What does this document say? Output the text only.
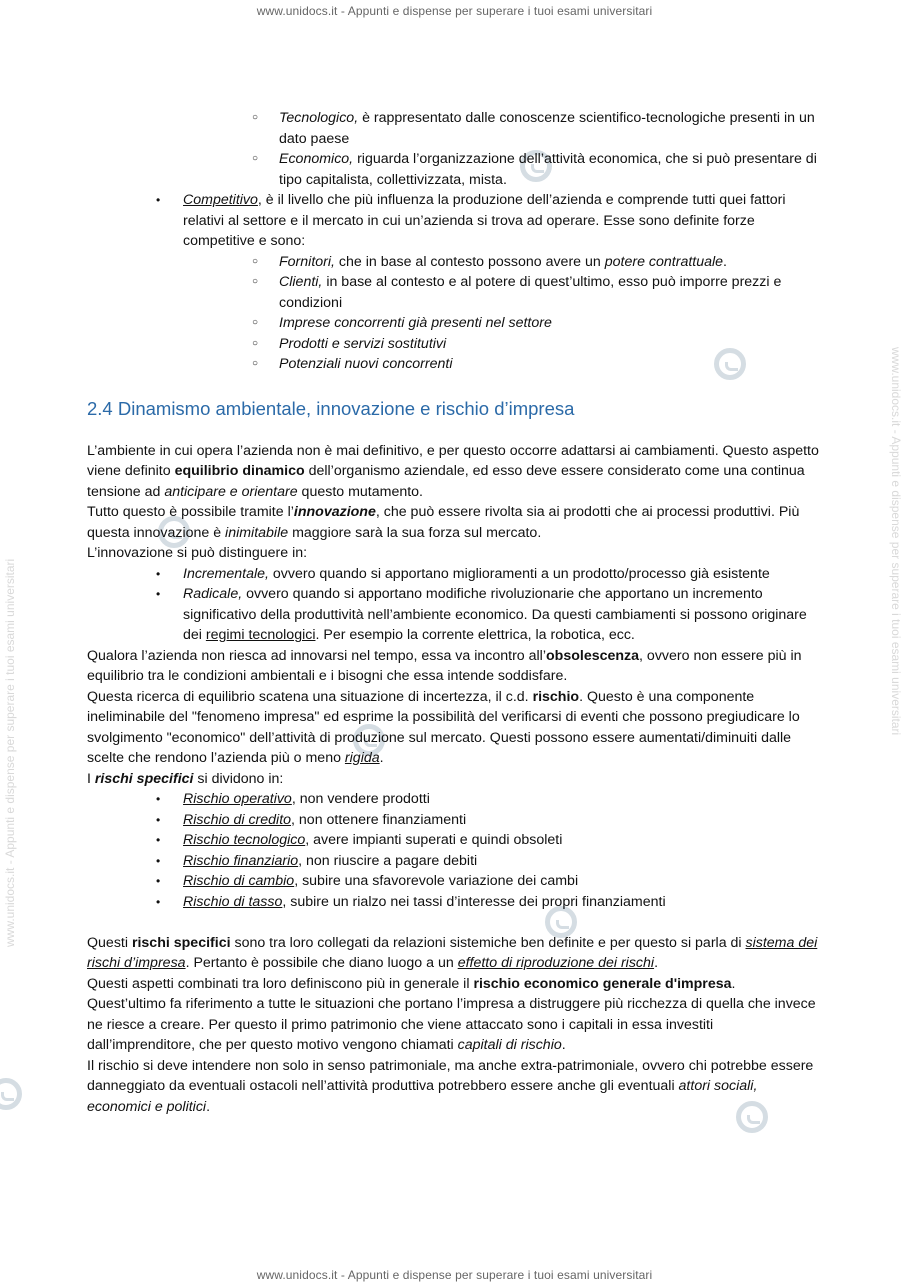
www.unidocs.it - Appunti e dispense per superare i tuoi esami universitari
www.unidocs.it - Appunti e dispense per superare i tuoi esami universitari
www.unidocs.it - Appunti e dispense per superare i tuoi esami universitari
○ Tecnologico, è rappresentato dalle conoscenze scientifico-tecnologiche presenti in un dato paese
○ Economico, riguarda l’organizzazione dell’attività economica, che si può presentare di tipo capitalista, collettivizzata, mista.
• Competitivo, è il livello che più influenza la produzione dell’azienda e comprende tutti quei fattori relativi al settore e il mercato in cui un’azienda si trova ad operare. Esse sono definite forze competitive e sono:
○ Fornitori, che in base al contesto possono avere un potere contrattuale.
○ Clienti, in base al contesto e al potere di quest’ultimo, esso può imporre prezzi e condizioni
○ Imprese concorrenti già presenti nel settore
○ Prodotti e servizi sostitutivi
○ Potenziali nuovi concorrenti
2.4 Dinamismo ambientale, innovazione e rischio d’impresa

L’ambiente in cui opera l’azienda non è mai definitivo, e per questo occorre adattarsi ai cambiamenti. Questo aspetto viene definito equilibrio dinamico dell’organismo aziendale, ed esso deve essere considerato come una continua tensione ad anticipare e orientare questo mutamento.

Tutto questo è possibile tramite l’innovazione, che può essere rivolta sia ai prodotti che ai processi produttivi. Più questa innovazione è inimitabile maggiore sarà la sua forza sul mercato.

L’innovazione si può distinguere in:

• Incrementale, ovvero quando si apportano miglioramenti a un prodotto/processo già esistente
• Radicale, ovvero quando si apportano modifiche rivoluzionarie che apportano un incremento significativo della produttività nell’ambiente economico. Da questi cambiamenti si possono originare dei regimi tecnologici. Per esempio la corrente elettrica, la robotica, ecc.

Qualora l’azienda non riesca ad innovarsi nel tempo, essa va incontro all’obsolescenza, ovvero non essere più in equilibrio tra le condizioni ambientali e i bisogni che essa intende soddisfare.

Questa ricerca di equilibrio scatena una situazione di incertezza, il c.d. rischio. Questo è una componente ineliminabile del "fenomeno impresa" ed esprime la possibilità del verificarsi di eventi che possono pregiudicare lo svolgimento "economico" dell’attività di produzione sul mercato. Questi possono essere aumentati/diminuiti dalle scelte che rendono l’azienda più o meno rigida.

I rischi specifici si dividono in:

• Rischio operativo, non vendere prodotti
• Rischio di credito, non ottenere finanziamenti
• Rischio tecnologico, avere impianti superati e quindi obsoleti
• Rischio finanziario, non riuscire a pagare debiti
• Rischio di cambio, subire una sfavorevole variazione dei cambi
• Rischio di tasso, subire un rialzo nei tassi d’interesse dei propri finanziamenti

Questi rischi specifici sono tra loro collegati da relazioni sistemiche ben definite e per questo si parla di sistema dei rischi d’impresa. Pertanto è possibile che diano luogo a un effetto di riproduzione dei rischi.

Questi aspetti combinati tra loro definiscono più in generale il rischio economico generale d'impresa.

Quest’ultimo fa riferimento a tutte le situazioni che portano l’impresa a distruggere più ricchezza di quella che invece ne riesce a creare. Per questo il primo patrimonio che viene attaccato sono i capitali in essa investiti dall’imprenditore, che per questo motivo vengono chiamati capitali di rischio.

Il rischio si deve intendere non solo in senso patrimoniale, ma anche extra-patrimoniale, ovvero chi potrebbe essere danneggiato da eventuali ostacoli nell’attività produttiva potrebbero essere anche gli eventuali attori sociali, economici e politici.

www.unidocs.it - Appunti e dispense per superare i tuoi esami universitari
